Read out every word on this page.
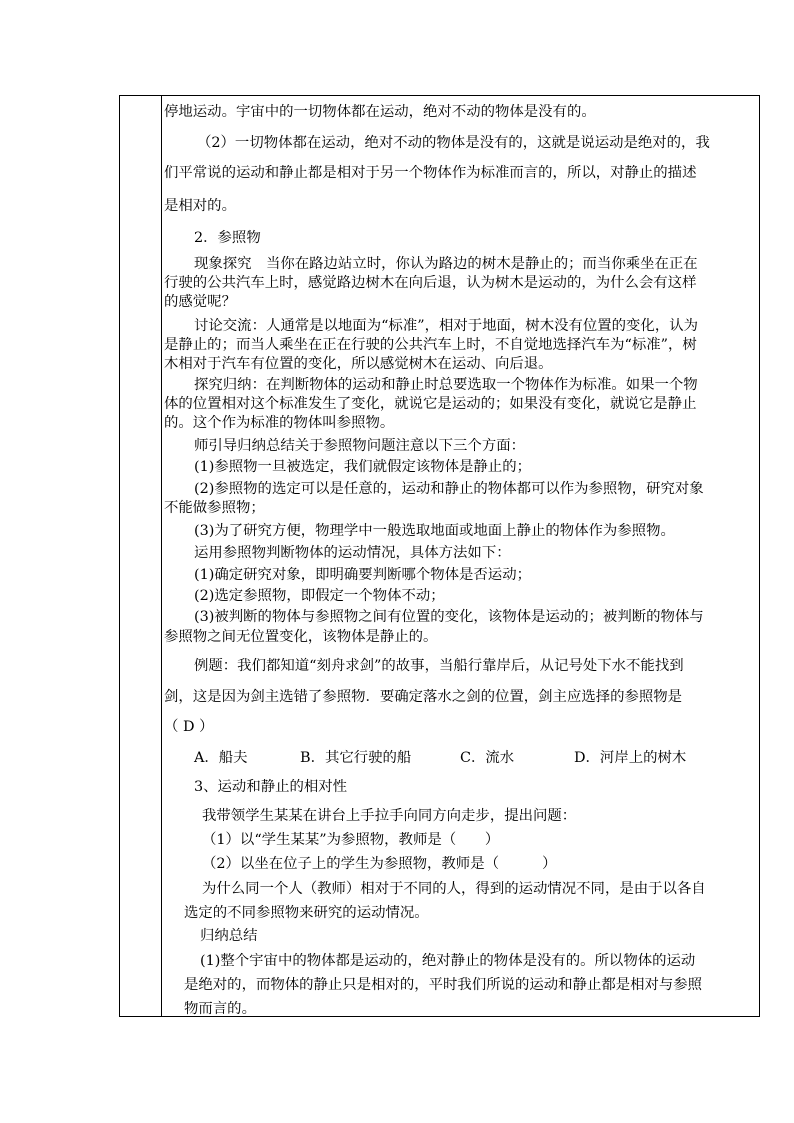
停地运动。宇宙中的一切物体都在运动，绝对不动的物体是没有的。
（2）一切物体都在运动，绝对不动的物体是没有的，这就是说运动是绝对的，我
们平常说的运动和静止都是相对于另一个物体作为标准而言的，所以，对静止的描述
是相对的。
2．参照物
现象探究　当你在路边站立时，你认为路边的树木是静止的；而当你乘坐在正在
行驶的公共汽车上时，感觉路边树木在向后退，认为树木是运动的，为什么会有这样
的感觉呢？
讨论交流：人通常是以地面为“标准”，相对于地面，树木没有位置的变化，认为
是静止的；而当人乘坐在正在行驶的公共汽车上时，不自觉地选择汽车为“标准”，树
木相对于汽车有位置的变化，所以感觉树木在运动、向后退。
探究归纳：在判断物体的运动和静止时总要选取一个物体作为标准。如果一个物
体的位置相对这个标准发生了变化，就说它是运动的；如果没有变化，就说它是静止
的。这个作为标准的物体叫参照物。
师引导归纳总结关于参照物问题注意以下三个方面：
(1)参照物一旦被选定，我们就假定该物体是静止的；
(2)参照物的选定可以是任意的，运动和静止的物体都可以作为参照物，研究对象
不能做参照物；
(3)为了研究方便，物理学中一般选取地面或地面上静止的物体作为参照物。
运用参照物判断物体的运动情况，具体方法如下：
(1)确定研究对象，即明确要判断哪个物体是否运动；
(2)选定参照物，即假定一个物体不动；
(3)被判断的物体与参照物之间有位置的变化，该物体是运动的；被判断的物体与
参照物之间无位置变化，该物体是静止的。
例题：我们都知道“刻舟求剑”的故事，当船行靠岸后，从记号处下水不能找到
剑，这是因为剑主选错了参照物．要确定落水之剑的位置，剑主应选择的参照物是
（ D ）
A．船夫	B．其它行驶的船	C．流水	D．河岸上的树木
3、运动和静止的相对性
我带领学生某某在讲台上手拉手向同方向走步，提出问题：
（1）以“学生某某”为参照物，教师是（　　）
（2）以坐在位子上的学生为参照物，教师是（　　　）
为什么同一个人（教师）相对于不同的人，得到的运动情况不同，是由于以各自
选定的不同参照物来研究的运动情况。
归纳总结
(1)整个宇宙中的物体都是运动的，绝对静止的物体是没有的。所以物体的运动
是绝对的，而物体的静止只是相对的，平时我们所说的运动和静止都是相对与参照
物而言的。
